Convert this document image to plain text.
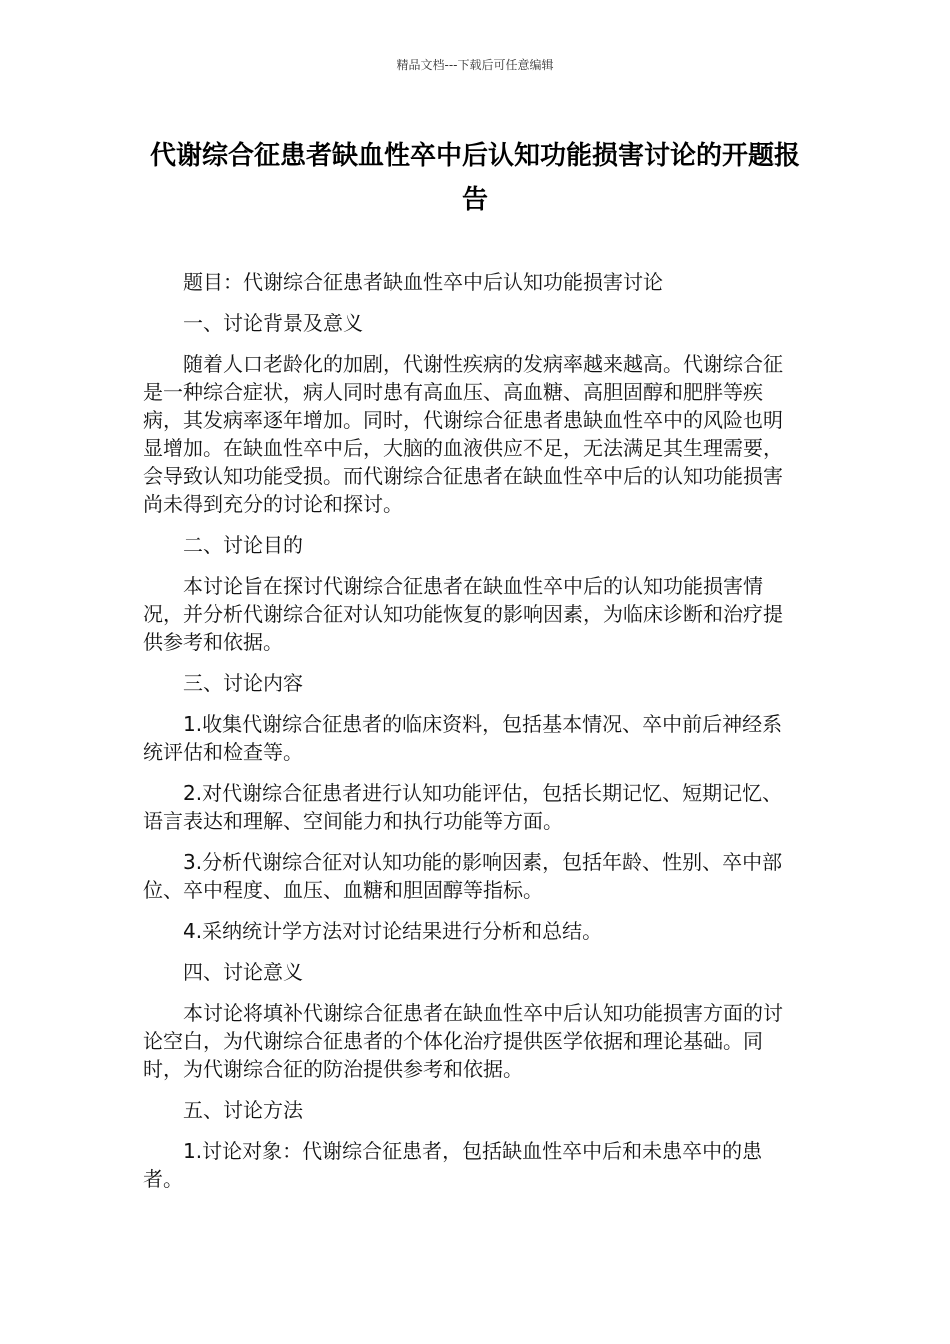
精品文档---下载后可任意编辑
代谢综合征患者缺血性卒中后认知功能损害讨论的开题报告

题目：代谢综合征患者缺血性卒中后认知功能损害讨论

一、讨论背景及意义

随着人口老龄化的加剧，代谢性疾病的发病率越来越高。代谢综合征是一种综合症状，病人同时患有高血压、高血糖、高胆固醇和肥胖等疾病，其发病率逐年增加。同时，代谢综合征患者患缺血性卒中的风险也明显增加。在缺血性卒中后，大脑的血液供应不足，无法满足其生理需要，会导致认知功能受损。而代谢综合征患者在缺血性卒中后的认知功能损害尚未得到充分的讨论和探讨。

二、讨论目的

本讨论旨在探讨代谢综合征患者在缺血性卒中后的认知功能损害情况，并分析代谢综合征对认知功能恢复的影响因素，为临床诊断和治疗提供参考和依据。

三、讨论内容

1.收集代谢综合征患者的临床资料，包括基本情况、卒中前后神经系统评估和检查等。

2.对代谢综合征患者进行认知功能评估，包括长期记忆、短期记忆、语言表达和理解、空间能力和执行功能等方面。

3.分析代谢综合征对认知功能的影响因素，包括年龄、性别、卒中部位、卒中程度、血压、血糖和胆固醇等指标。

4.采纳统计学方法对讨论结果进行分析和总结。

四、讨论意义

本讨论将填补代谢综合征患者在缺血性卒中后认知功能损害方面的讨论空白，为代谢综合征患者的个体化治疗提供医学依据和理论基础。同时，为代谢综合征的防治提供参考和依据。

五、讨论方法

1.讨论对象：代谢综合征患者，包括缺血性卒中后和未患卒中的患者。
